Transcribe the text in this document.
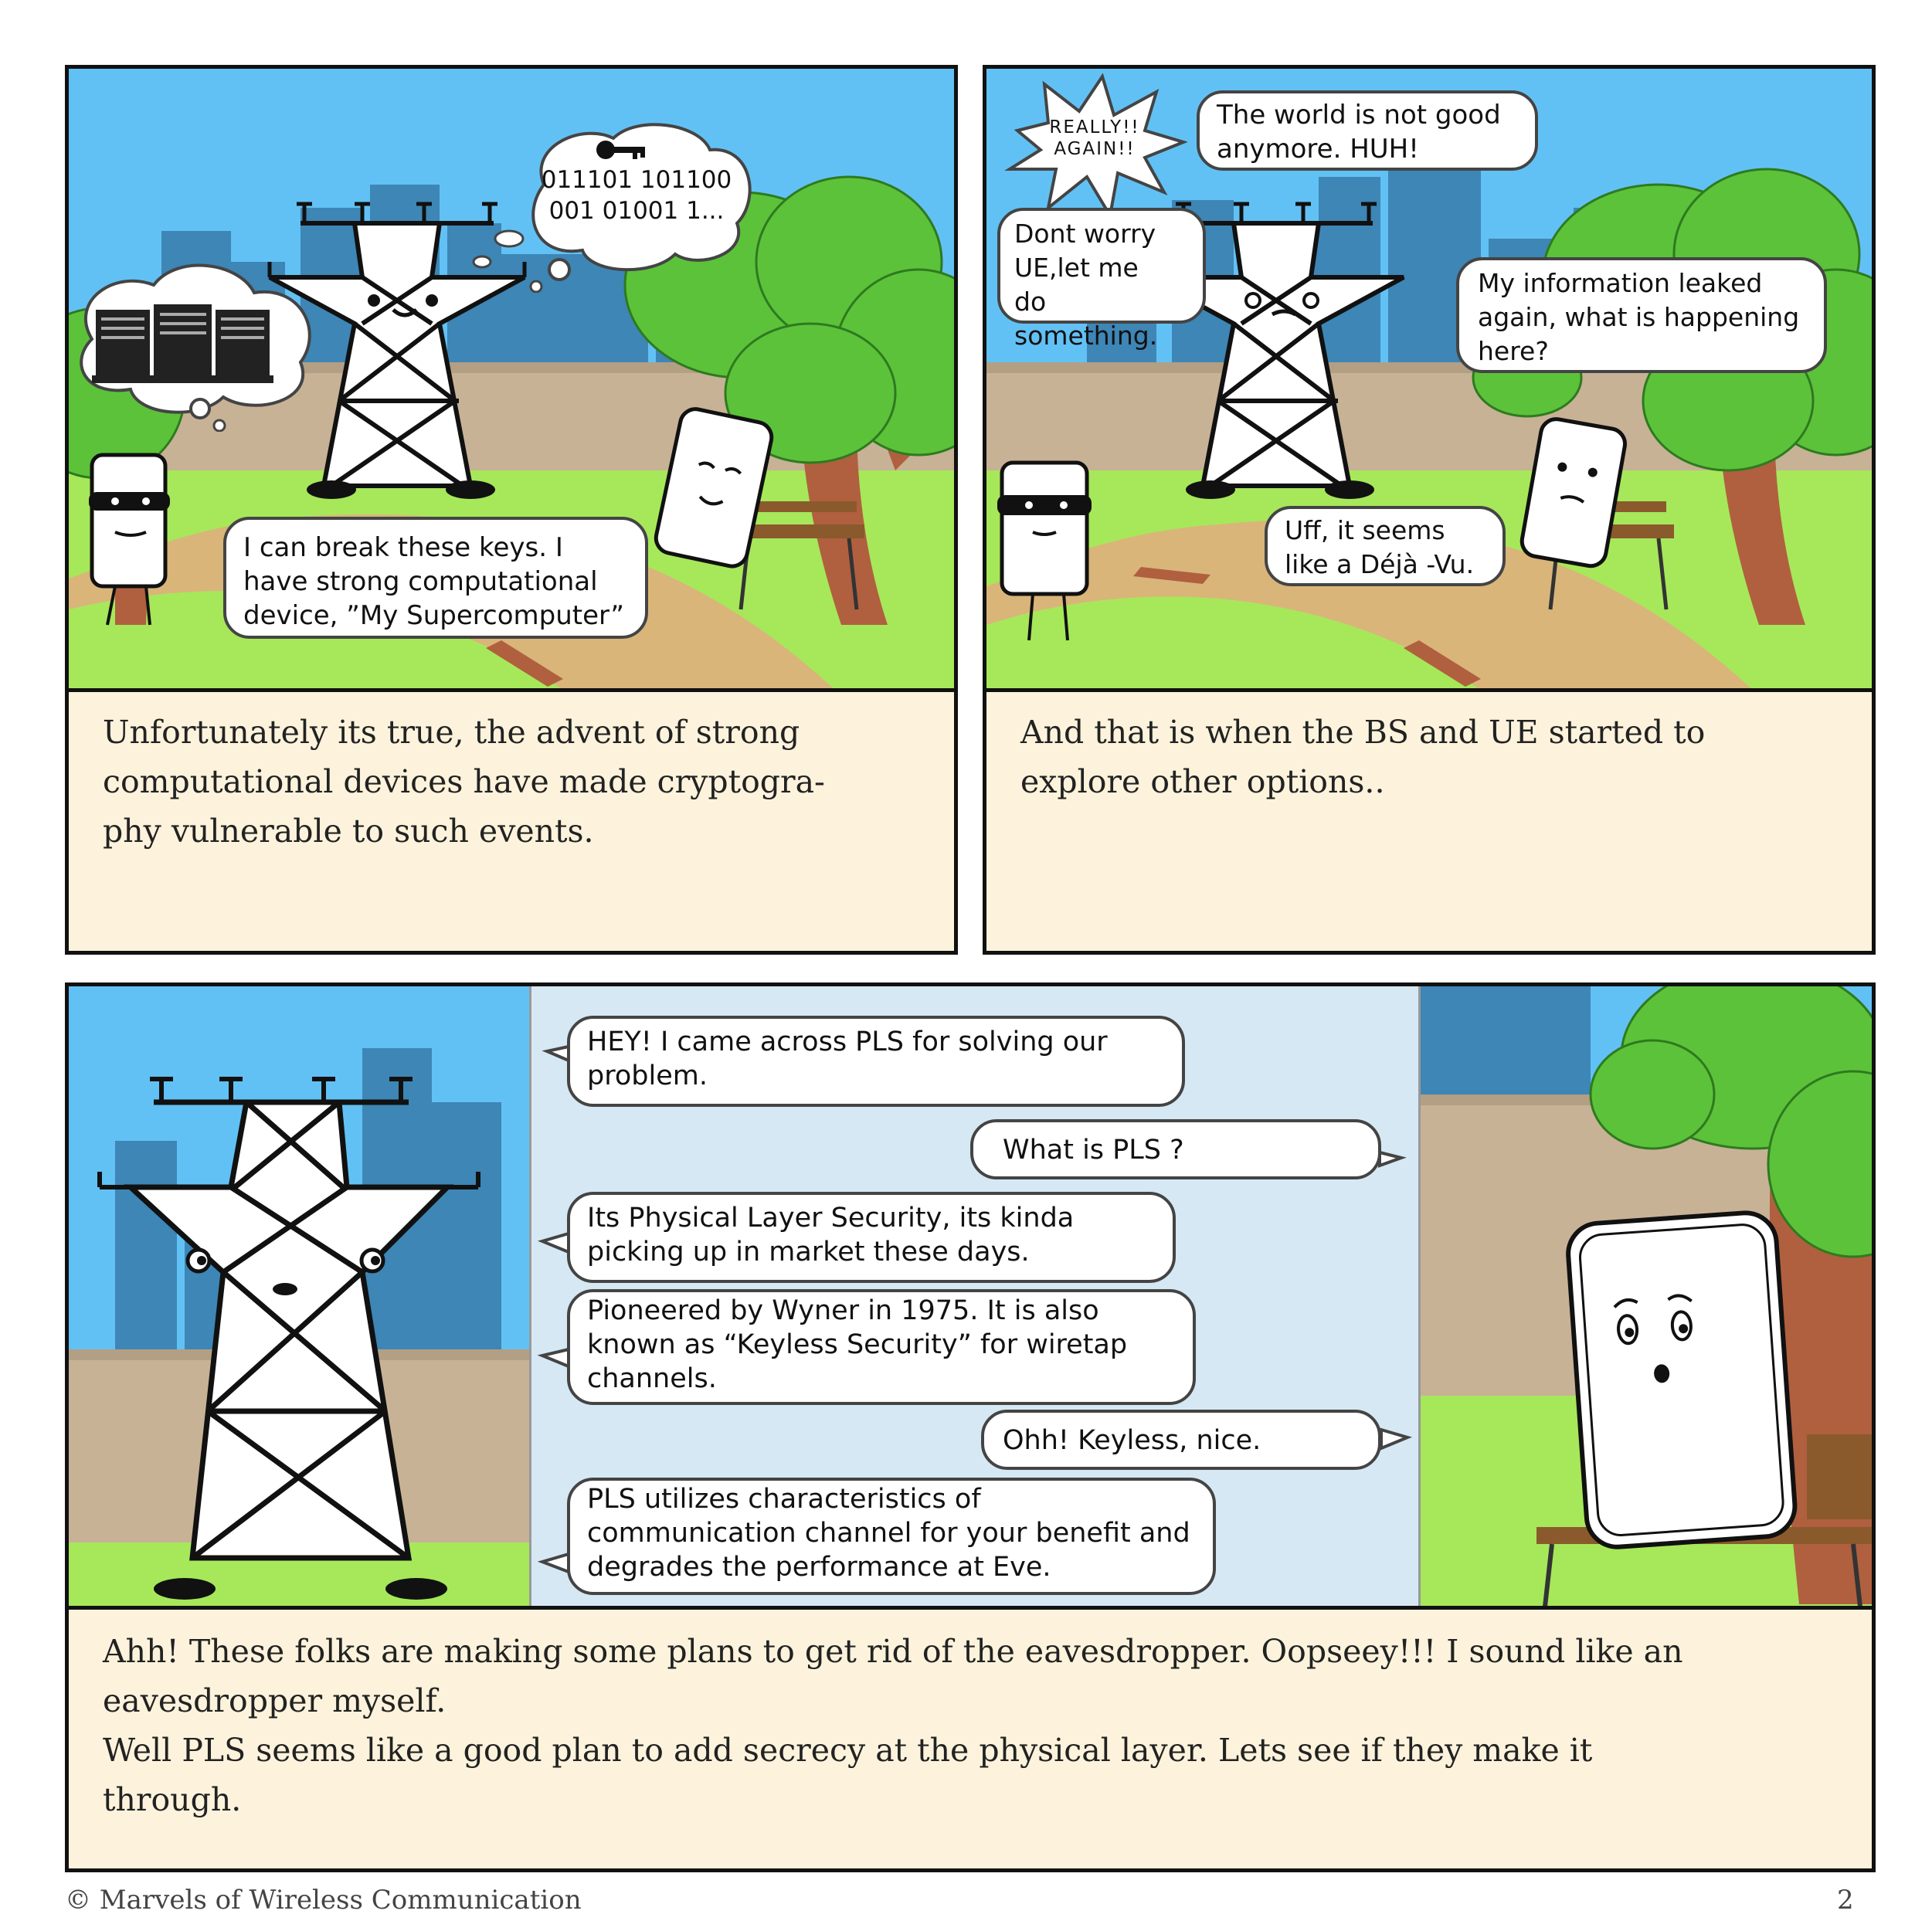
011101 101100
001 01001 1...
I can break these keys. I
have strong computational
device, ”My Supercomputer”

Unfortunately its true, the advent of strong

computational devices have made cryptogra-

phy vulnerable to such events.

REALLY!!
AGAIN!!
The world is not good
anymore. HUH!
Dont worry
UE,let me
do something.
My information leaked
again, what is happening
here?
Uff, it seems
like a Déjà -Vu.

And that is when the BS and UE started to

explore other options..

HEY! I came across PLS for solving our
problem.
What is PLS ?
Its Physical Layer Security, its kinda
picking up in market these days.
Pioneered by Wyner in 1975. It is also
known as “Keyless Security” for wiretap
channels.
Ohh! Keyless, nice.
PLS utilizes characteristics of
communication channel for your benefit and
degrades the performance at Eve.

Ahh! These folks are making some plans to get rid of the eavesdropper. Oopseey!!! I sound like an

eavesdropper myself.

Well PLS seems like a good plan to add secrecy at the physical layer. Lets see if they make it

through.

© Marvels of Wireless Communication	2
